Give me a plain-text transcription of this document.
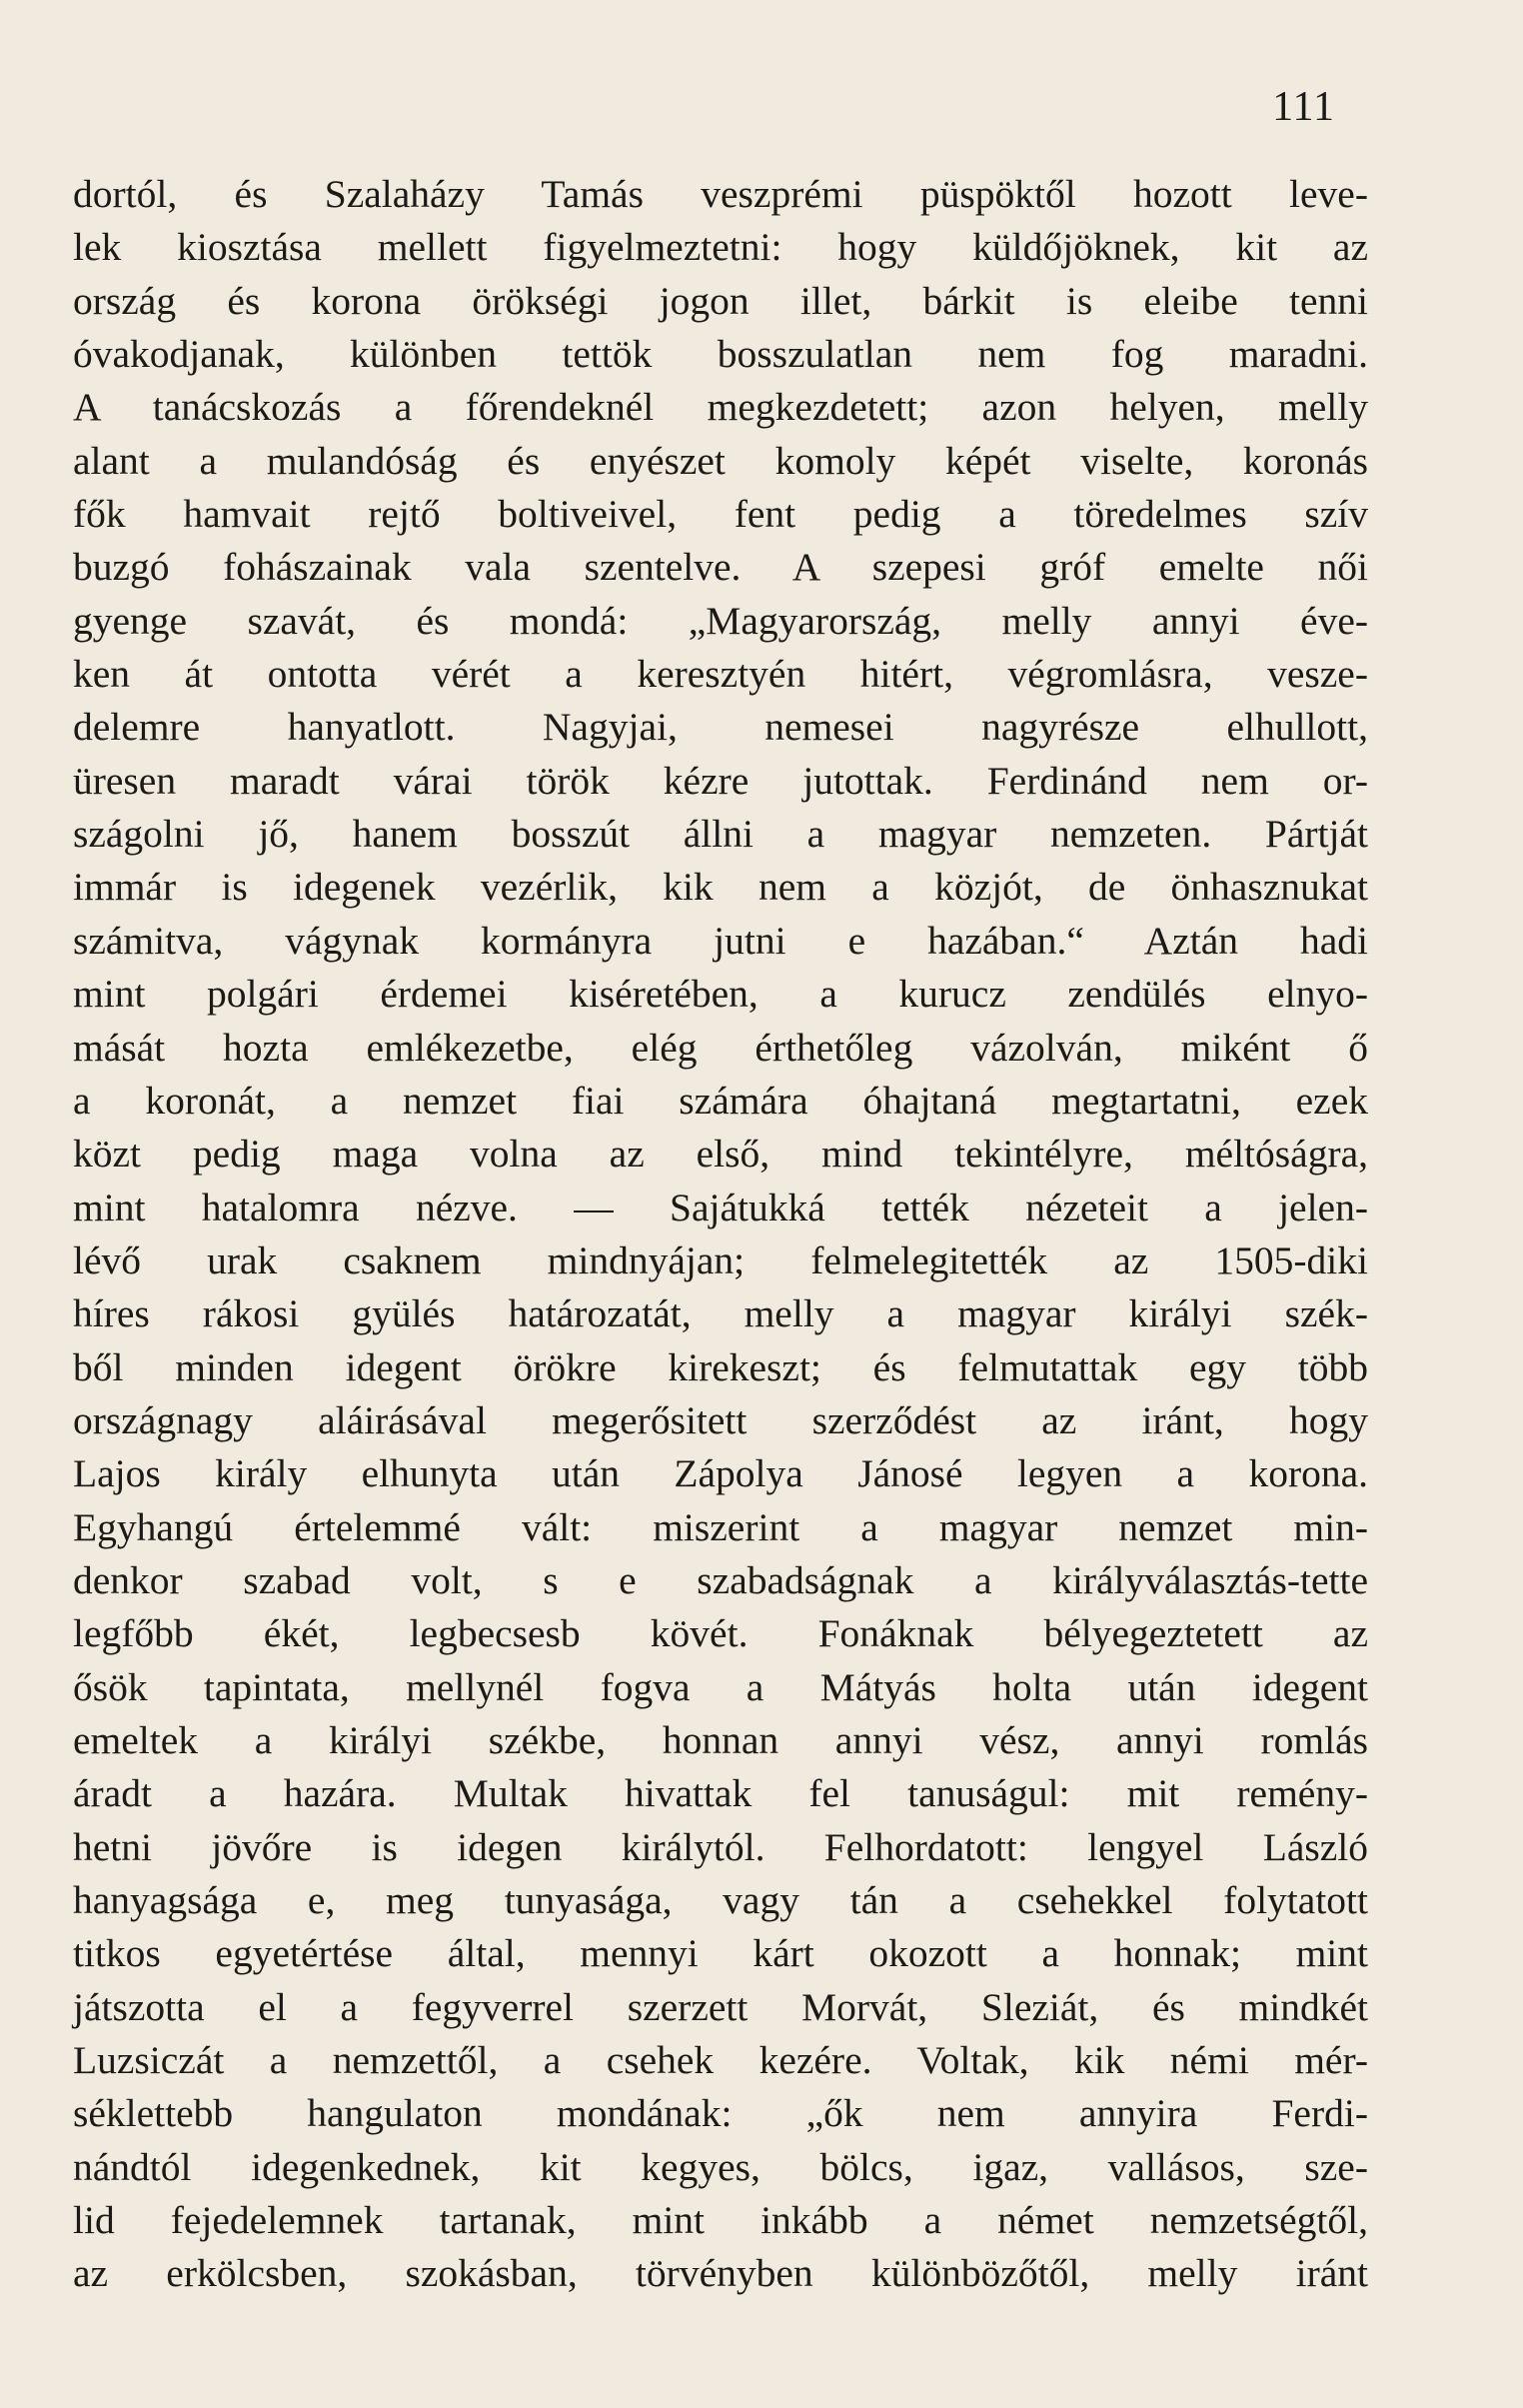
111
dortól, és Szalaházy Tamás veszprémi püspöktől hozott leve-
lek kiosztása mellett figyelmeztetni: hogy küldőjöknek, kit az
ország és korona örökségi jogon illet, bárkit is eleibe tenni
óvakodjanak, különben tettök bosszulatlan nem fog maradni.
A tanácskozás a főrendeknél megkezdetett; azon helyen, melly
alant a mulandóság és enyészet komoly képét viselte, koronás
fők hamvait rejtő boltiveivel, fent pedig a töredelmes szív
buzgó fohászainak vala szentelve. A szepesi gróf emelte női
gyenge szavát, és mondá: „Magyarország, melly annyi éve-
ken át ontotta vérét a keresztyén hitért, végromlásra, vesze-
delemre hanyatlott. Nagyjai, nemesei nagyrésze elhullott,
üresen maradt várai török kézre jutottak. Ferdinánd nem or-
szágolni jő, hanem bosszút állni a magyar nemzeten. Pártját
immár is idegenek vezérlik, kik nem a közjót, de önhasznukat
számitva, vágynak kormányra jutni e hazában.“ Aztán hadi
mint polgári érdemei kiséretében, a kurucz zendülés elnyo-
mását hozta emlékezetbe, elég érthetőleg vázolván, miként ő
a koronát, a nemzet fiai számára óhajtaná megtartatni, ezek
közt pedig maga volna az első, mind tekintélyre, méltóságra,
mint hatalomra nézve. — Sajátukká tették nézeteit a jelen-
lévő urak csaknem mindnyájan; felmelegitették az 1505-diki
híres rákosi gyülés határozatát, melly a magyar királyi szék-
ből minden idegent örökre kirekeszt; és felmutattak egy több
országnagy aláirásával megerősitett szerződést az iránt, hogy
Lajos király elhunyta után Zápolya Jánosé legyen a korona.
Egyhangú értelemmé vált: miszerint a magyar nemzet min-
denkor szabad volt, s e szabadságnak a királyválasztás-tette
legfőbb ékét, legbecsesb kövét. Fonáknak bélyegeztetett az
ősök tapintata, mellynél fogva a Mátyás holta után idegent
emeltek a királyi székbe, honnan annyi vész, annyi romlás
áradt a hazára. Multak hivattak fel tanuságul: mit remény-
hetni jövőre is idegen királytól. Felhordatott: lengyel László
hanyagsága e, meg tunyasága, vagy tán a csehekkel folytatott
titkos egyetértése által, mennyi kárt okozott a honnak; mint
játszotta el a fegyverrel szerzett Morvát, Sleziát, és mindkét
Luzsiczát a nemzettől, a csehek kezére. Voltak, kik némi mér-
séklettebb hangulaton mondának: „ők nem annyira Ferdi-
nándtól idegenkednek, kit kegyes, bölcs, igaz, vallásos, sze-
lid fejedelemnek tartanak, mint inkább a német nemzetségtől,
az erkölcsben, szokásban, törvényben különbözőtől, melly iránt
